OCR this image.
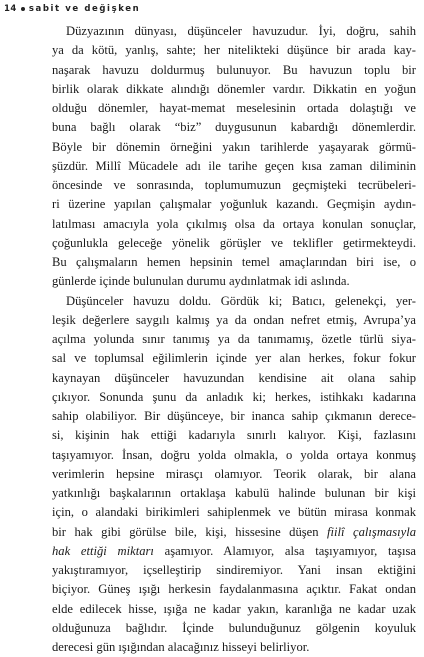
14 sabit ve değişken
Düzyazının dünyası, düşünceler havuzudur. İyi, doğru, sahih
ya da kötü, yanlış, sahte; her nitelikteki düşünce bir arada kay-
naşarak havuzu doldurmuş bulunuyor. Bu havuzun toplu bir
birlik olarak dikkate alındığı dönemler vardır. Dikkatin en yoğun
olduğu dönemler, hayat-memat meselesinin ortada dolaştığı ve
buna bağlı olarak “biz” duygusunun kabardığı dönemlerdir.
Böyle bir dönemin örneğini yakın tarihlerde yaşayarak görmü-
şüzdür. Millî Mücadele adı ile tarihe geçen kısa zaman diliminin
öncesinde ve sonrasında, toplumumuzun geçmişteki tecrübeleri-
ri üzerine yapılan çalışmalar yoğunluk kazandı. Geçmişin aydın-
latılması amacıyla yola çıkılmış olsa da ortaya konulan sonuçlar,
çoğunlukla geleceğe yönelik görüşler ve teklifler getirmekteydi.
Bu çalışmaların hemen hepsinin temel amaçlarından biri ise, o
günlerde içinde bulunulan durumu aydınlatmak idi aslında.
Düşünceler havuzu doldu. Gördük ki; Batıcı, gelenekçi, yer-
leşik değerlere saygılı kalmış ya da ondan nefret etmiş, Avrupa’ya
açılma yolunda sınır tanımış ya da tanımamış, özetle türlü siya-
sal ve toplumsal eğilimlerin içinde yer alan herkes, fokur fokur
kaynayan düşünceler havuzundan kendisine ait olana sahip
çıkıyor. Sonunda şunu da anladık ki; herkes, istihkakı kadarına
sahip olabiliyor. Bir düşünceye, bir inanca sahip çıkmanın derece-
si, kişinin hak ettiği kadarıyla sınırlı kalıyor. Kişi, fazlasını
taşıyamıyor. İnsan, doğru yolda olmakla, o yolda ortaya konmuş
verimlerin hepsine mirasçı olamıyor. Teorik olarak, bir alana
yatkınlığı başkalarının ortaklaşa kabulü halinde bulunan bir kişi
için, o alandaki birikimleri sahiplenmek ve bütün mirasa konmak
bir hak gibi görülse bile, kişi, hissesine düşen fiilî çalışmasıyla
hak ettiği miktarı aşamıyor. Alamıyor, alsa taşıyamıyor, taşısa
yakıştıramıyor, içselleştirip sindiremiyor. Yani insan ektiğini
biçiyor. Güneş ışığı herkesin faydalanmasına açıktır. Fakat ondan
elde edilecek hisse, ışığa ne kadar yakın, karanlığa ne kadar uzak
olduğunuza bağlıdır. İçinde bulunduğunuz gölgenin koyuluk
derecesi gün ışığından alacağınız hisseyi belirliyor.
